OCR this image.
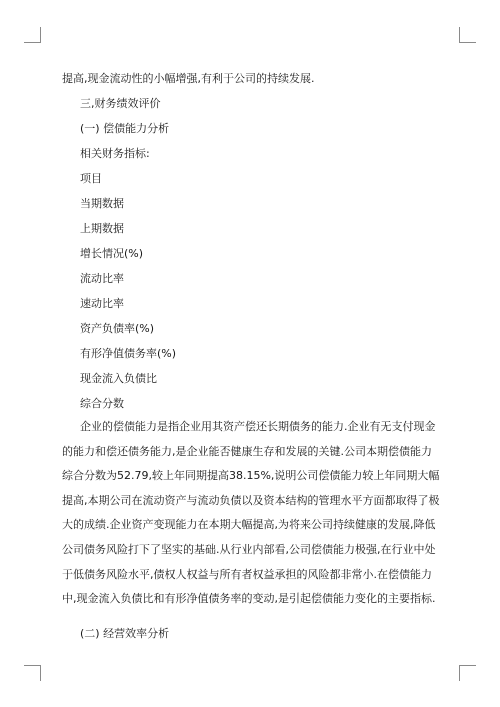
提高,现金流动性的小幅增强,有利于公司的持续发展.
三,财务绩效评价
(一) 偿债能力分析
相关财务指标:
项目
当期数据
上期数据
增长情况(%)
流动比率
速动比率
资产负债率(%)
有形净值债务率(%)
现金流入负债比
综合分数
企业的偿债能力是指企业用其资产偿还长期债务的能力.企业有无支付现金的能力和偿还债务能力,是企业能否健康生存和发展的关键.公司本期偿债能力综合分数为52.79,较上年同期提高38.15%,说明公司偿债能力较上年同期大幅提高,本期公司在流动资产与流动负债以及资本结构的管理水平方面都取得了极大的成绩.企业资产变现能力在本期大幅提高,为将来公司持续健康的发展,降低公司债务风险打下了坚实的基础.从行业内部看,公司偿债能力极强,在行业中处于低债务风险水平,债权人权益与所有者权益承担的风险都非常小.在偿债能力中,现金流入负债比和有形净值债务率的变动,是引起偿债能力变化的主要指标.
(二) 经营效率分析
